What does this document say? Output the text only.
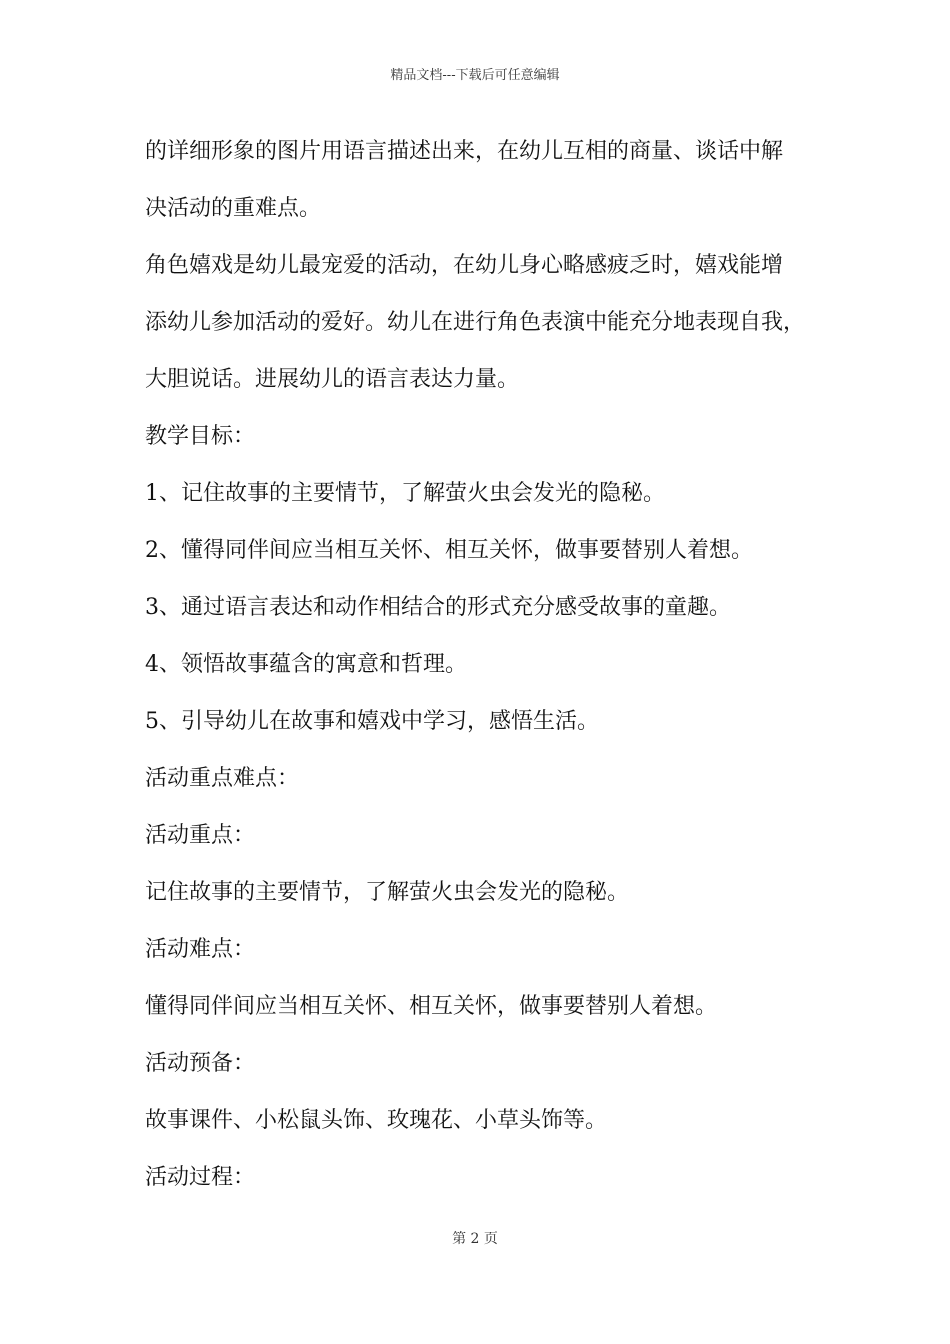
精品文档---下载后可任意编辑
的详细形象的图片用语言描述出来，在幼儿互相的商量、谈话中解
决活动的重难点。
角色嬉戏是幼儿最宠爱的活动，在幼儿身心略感疲乏时，嬉戏能增
添幼儿参加活动的爱好。幼儿在进行角色表演中能充分地表现自我，
大胆说话。进展幼儿的语言表达力量。
教学目标：
1、记住故事的主要情节，了解萤火虫会发光的隐秘。
2、懂得同伴间应当相互关怀、相互关怀，做事要替别人着想。
3、通过语言表达和动作相结合的形式充分感受故事的童趣。
4、领悟故事蕴含的寓意和哲理。
5、引导幼儿在故事和嬉戏中学习，感悟生活。
活动重点难点：
活动重点：
记住故事的主要情节，了解萤火虫会发光的隐秘。
活动难点：
懂得同伴间应当相互关怀、相互关怀，做事要替别人着想。
活动预备：
故事课件、小松鼠头饰、玫瑰花、小草头饰等。
活动过程：
第 2 页
